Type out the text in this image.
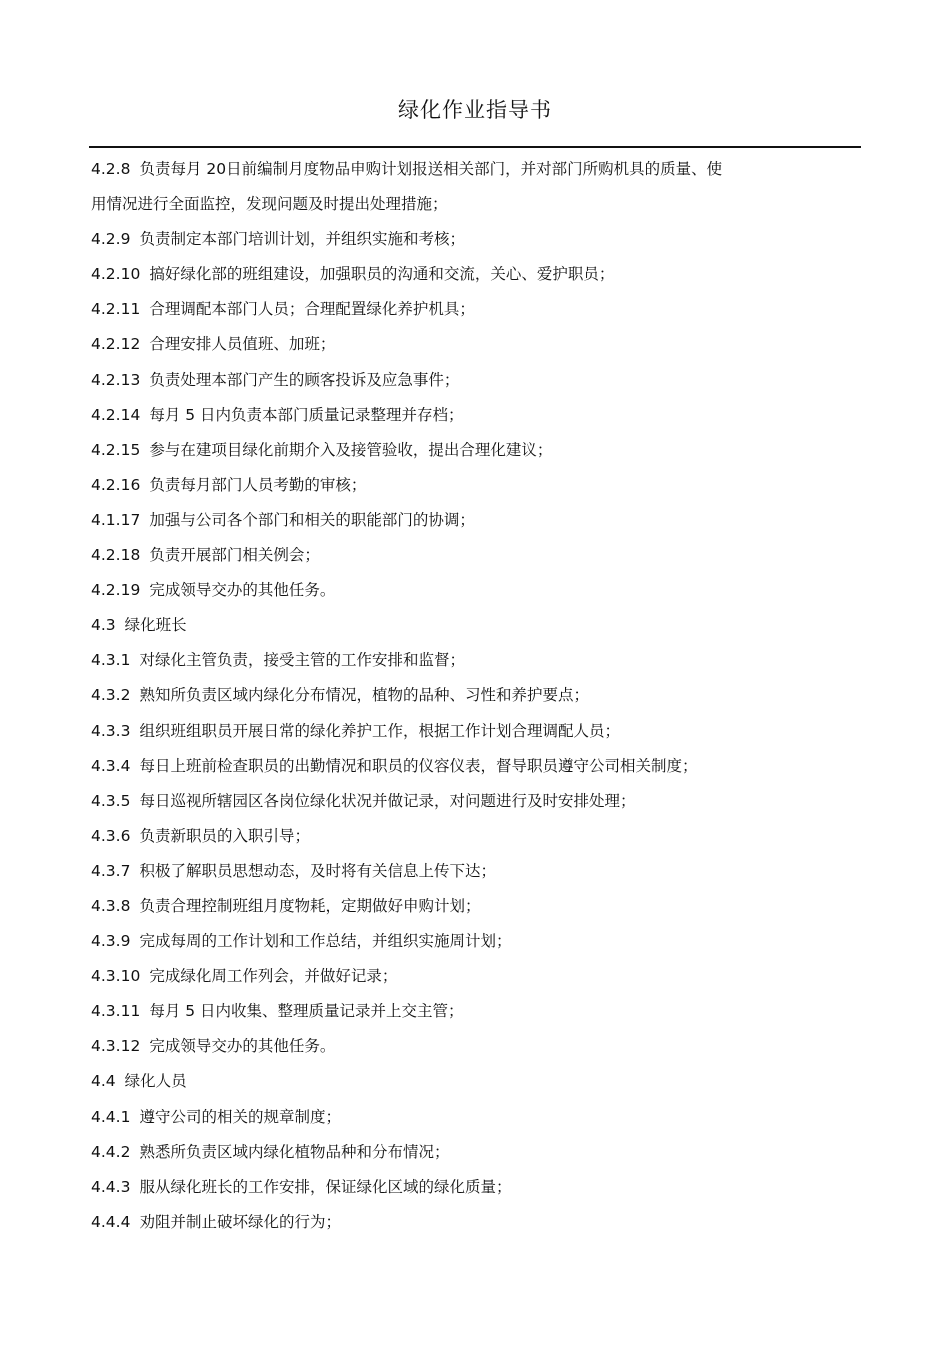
绿化作业指导书
4.2.8 负责每月 20日前编制月度物品申购计划报送相关部门，并对部门所购机具的质量、使
用情况进行全面监控，发现问题及时提出处理措施；
4.2.9 负责制定本部门培训计划，并组织实施和考核；
4.2.10 搞好绿化部的班组建设，加强职员的沟通和交流，关心、爱护职员；
4.2.11 合理调配本部门人员；合理配置绿化养护机具；
4.2.12 合理安排人员值班、加班；
4.2.13 负责处理本部门产生的顾客投诉及应急事件；
4.2.14 每月 5 日内负责本部门质量记录整理并存档；
4.2.15 参与在建项目绿化前期介入及接管验收，提出合理化建议；
4.2.16 负责每月部门人员考勤的审核；
4.1.17 加强与公司各个部门和相关的职能部门的协调；
4.2.18 负责开展部门相关例会；
4.2.19 完成领导交办的其他任务。
4.3 绿化班长
4.3.1 对绿化主管负责，接受主管的工作安排和监督；
4.3.2 熟知所负责区域内绿化分布情况，植物的品种、习性和养护要点；
4.3.3 组织班组职员开展日常的绿化养护工作，根据工作计划合理调配人员；
4.3.4 每日上班前检查职员的出勤情况和职员的仪容仪表，督导职员遵守公司相关制度；
4.3.5 每日巡视所辖园区各岗位绿化状况并做记录，对问题进行及时安排处理；
4.3.6 负责新职员的入职引导；
4.3.7 积极了解职员思想动态，及时将有关信息上传下达；
4.3.8 负责合理控制班组月度物耗，定期做好申购计划；
4.3.9 完成每周的工作计划和工作总结，并组织实施周计划；
4.3.10 完成绿化周工作列会，并做好记录；
4.3.11 每月 5 日内收集、整理质量记录并上交主管；
4.3.12 完成领导交办的其他任务。
4.4 绿化人员
4.4.1 遵守公司的相关的规章制度；
4.4.2 熟悉所负责区域内绿化植物品种和分布情况；
4.4.3 服从绿化班长的工作安排，保证绿化区域的绿化质量；
4.4.4 劝阻并制止破坏绿化的行为；
